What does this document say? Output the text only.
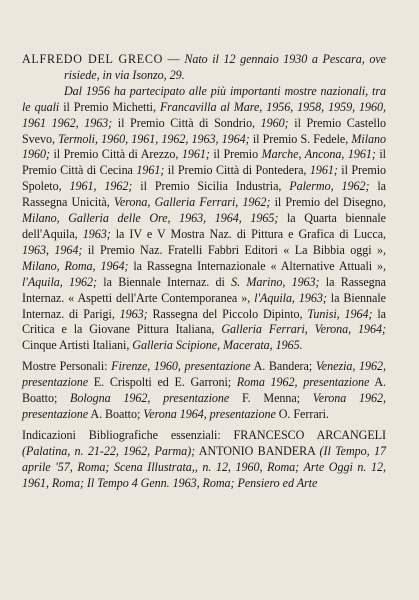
ALFREDO DEL GRECO — Nato il 12 gennaio 1930 a Pescara, ove risiede, in via Isonzo, 29.

Dal 1956 ha partecipato alle più importanti mostre nazionali, tra le quali il Premio Michetti, Francavilla al Mare, 1956, 1958, 1959, 1960, 1961 1962, 1963; il Premio Città di Sondrio, 1960; il Premio Castello Svevo, Termoli, 1960, 1961, 1962, 1963, 1964; il Premio S. Fedele, Milano 1960; il Premio Città di Arezzo, 1961; il Premio Marche, Ancona, 1961; il Premio Città di Cecina 1961; il Premio Città di Pontedera, 1961; il Premio Spoleto, 1961, 1962; il Premio Sicilia Industria, Palermo, 1962; la Rassegna Unicità, Verona, Galleria Ferrari, 1962; il Premio del Disegno, Milano, Galleria delle Ore, 1963, 1964, 1965; la Quarta biennale dell'Aquila, 1963; la IV e V Mostra Naz. di Pittura e Grafica di Lucca, 1963, 1964; il Premio Naz. Fratelli Fabbri Editori « La Bibbia oggi », Milano, Roma, 1964; la Rassegna Internazionale « Alternative Attuali », l'Aquila, 1962; la Biennale Internaz. di S. Marino, 1963; la Rassegna Internaz. « Aspetti dell'Arte Contemporanea », l'Aquila, 1963; la Biennale Internaz. di Parigi, 1963; Rassegna del Piccolo Dipinto, Tunisi, 1964; la Critica e la Giovane Pittura Italiana, Galleria Ferrari, Verona, 1964; Cinque Artisti Italiani, Galleria Scipione, Macerata, 1965.

Mostre Personali: Firenze, 1960, presentazione A. Bandera; Venezia, 1962, presentazione E. Crispolti ed E. Garroni; Roma 1962, presentazione A. Boatto; Bologna 1962, presentazione F. Menna; Verona 1962, presentazione A. Boatto; Verona 1964, presentazione O. Ferrari.

Indicazioni Bibliografiche essenziali: FRANCESCO ARCANGELI (Palatina, n. 21-22, 1962, Parma); ANTONIO BANDERA (Il Tempo, 17 aprile '57, Roma; Scena Illustrata,, n. 12, 1960, Roma; Arte Oggi n. 12, 1961, Roma; Il Tempo 4 Genn. 1963, Roma; Pensiero ed Arte
